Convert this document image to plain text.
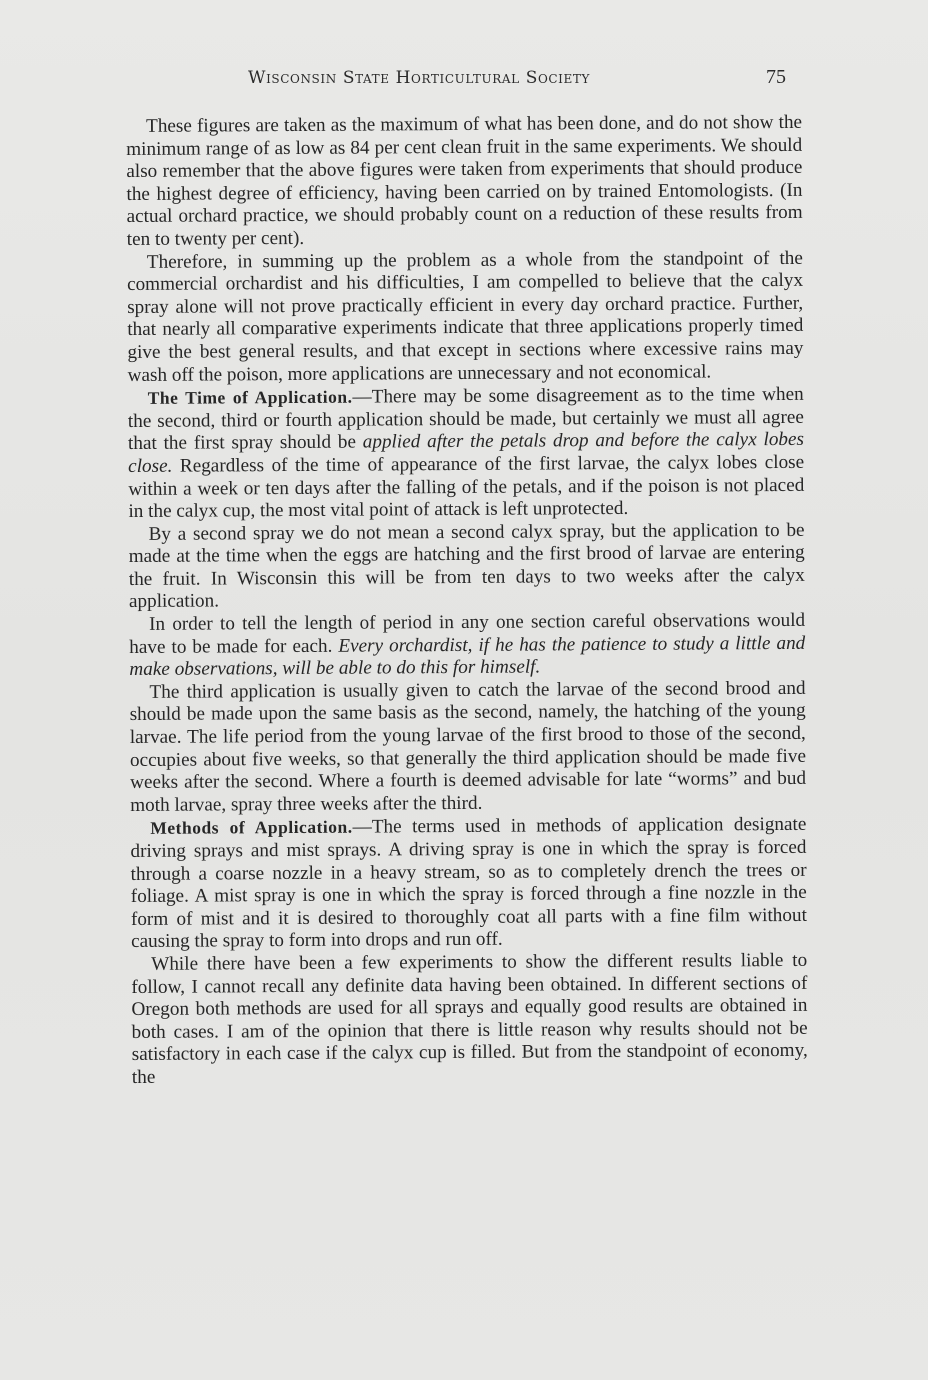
Wisconsin State Horticultural Society	75

These figures are taken as the maximum of what has been done, and do not show the minimum range of as low as 84 per cent clean fruit in the same experiments. We should also remember that the above figures were taken from experiments that should produce the highest degree of efficiency, having been carried on by trained Entomologists. (In actual orchard practice, we should probably count on a reduction of these results from ten to twenty per cent).

Therefore, in summing up the problem as a whole from the standpoint of the commercial orchardist and his difficulties, I am compelled to believe that the calyx spray alone will not prove practically efficient in every day orchard practice. Further, that nearly all comparative experiments indicate that three applications properly timed give the best general results, and that except in sections where excessive rains may wash off the poison, more applications are unnecessary and not economical.

The Time of Application.—There may be some disagreement as to the time when the second, third or fourth application should be made, but certainly we must all agree that the first spray should be applied after the petals drop and before the calyx lobes close. Regardless of the time of appearance of the first larvae, the calyx lobes close within a week or ten days after the falling of the petals, and if the poison is not placed in the calyx cup, the most vital point of attack is left unprotected.

By a second spray we do not mean a second calyx spray, but the application to be made at the time when the eggs are hatching and the first brood of larvae are entering the fruit. In Wisconsin this will be from ten days to two weeks after the calyx application.

In order to tell the length of period in any one section careful observations would have to be made for each. Every orchardist, if he has the patience to study a little and make observations, will be able to do this for himself.

The third application is usually given to catch the larvae of the second brood and should be made upon the same basis as the second, namely, the hatching of the young larvae. The life period from the young larvae of the first brood to those of the second, occupies about five weeks, so that generally the third application should be made five weeks after the second. Where a fourth is deemed advisable for late “worms” and bud moth larvae, spray three weeks after the third.

Methods of Application.—The terms used in methods of application designate driving sprays and mist sprays. A driving spray is one in which the spray is forced through a coarse nozzle in a heavy stream, so as to completely drench the trees or foliage. A mist spray is one in which the spray is forced through a fine nozzle in the form of mist and it is desired to thoroughly coat all parts with a fine film without causing the spray to form into drops and run off.

While there have been a few experiments to show the different results liable to follow, I cannot recall any definite data having been obtained. In different sections of Oregon both methods are used for all sprays and equally good results are obtained in both cases. I am of the opinion that there is little reason why results should not be satisfactory in each case if the calyx cup is filled. But from the standpoint of economy, the
